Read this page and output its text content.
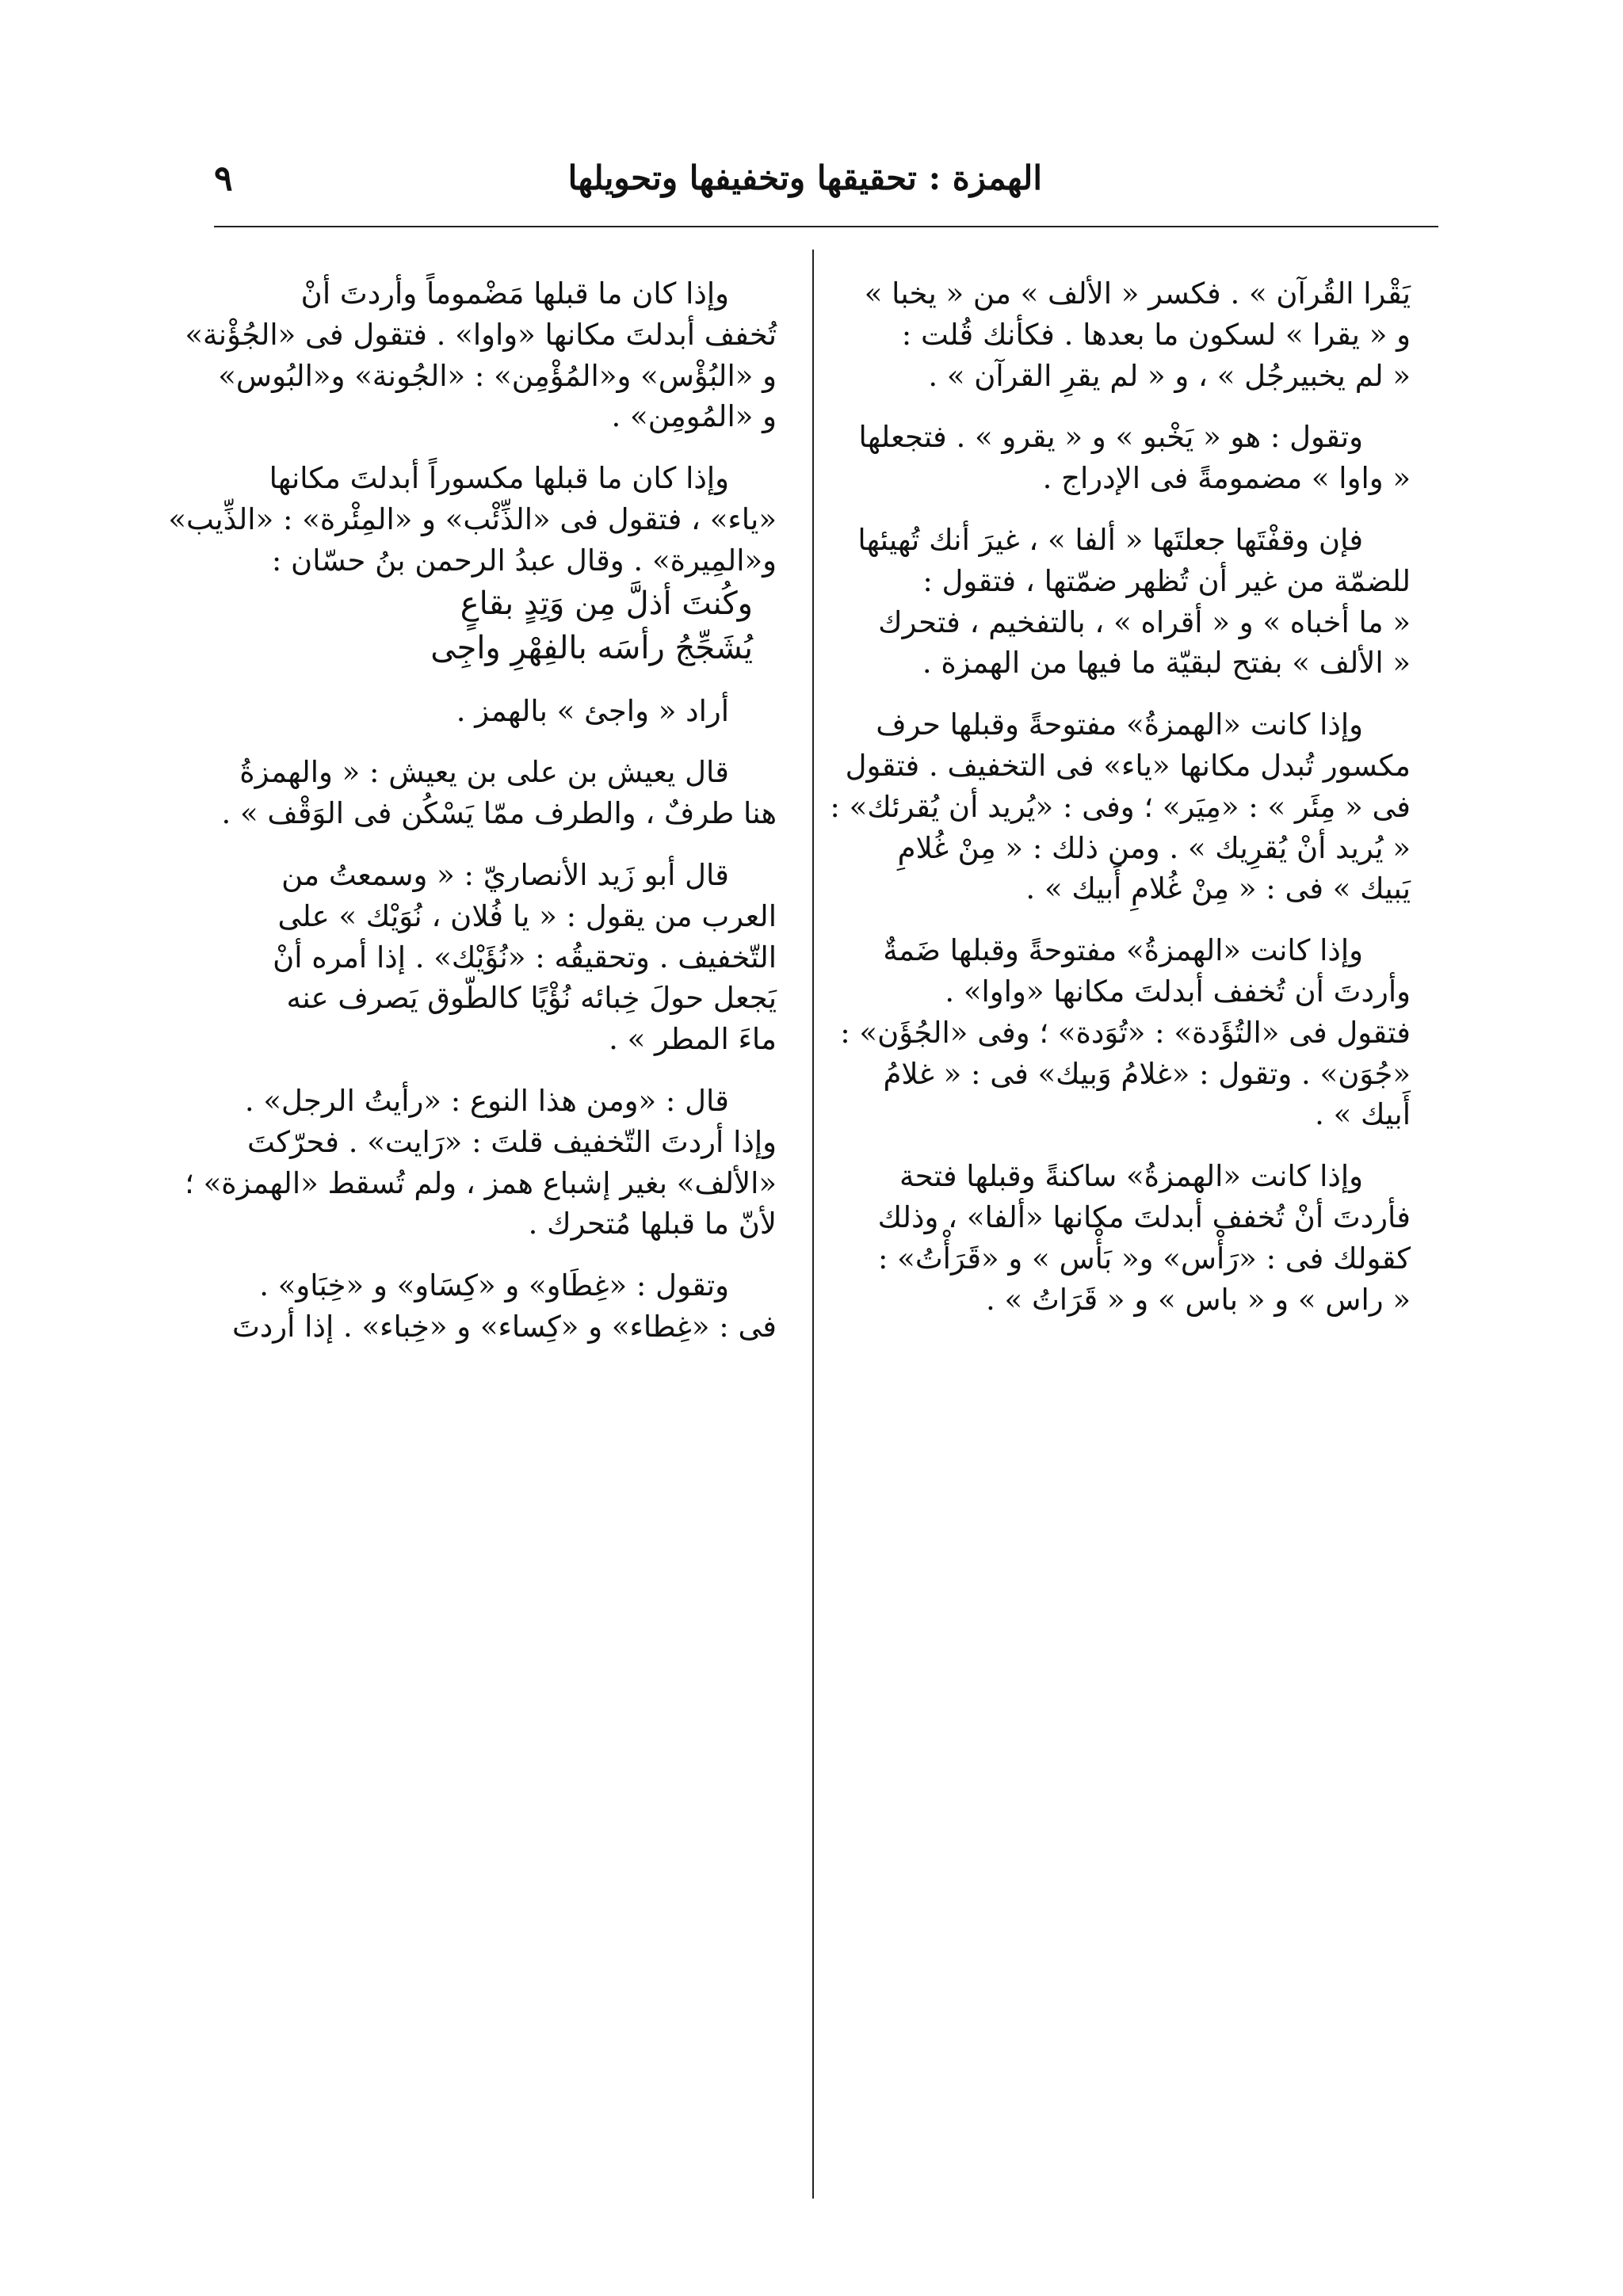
الهمزة : تحقيقها وتخفيفها وتحويلها
٩
يَقْرا القُرآن » . فكسر « الألف » من « يخبا »
و « يقرا » لسكون ما بعدها . فكأنك قُلت :
« لم يخبيرجُل » ، و « لم يقرِ القرآن » .
وتقول : هو « يَخْبو » و « يقرو » . فتجعلها
« واوا » مضمومةً فى الإدراج .
فإن وقفْتَها جعلتَها « ألفا » ، غيرَ أنك تُهيئها
للضمّة من غير أن تُظهر ضمّتها ، فتقول :
« ما أخباه » و « أقراه » ، بالتفخيم ، فتحرك
« الألف » بفتح لبقيّة ما فيها من الهمزة .
وإذا كانت «الهمزةُ» مفتوحةً وقبلها حرف
مكسور تُبدل مكانها «ياء» فى التخفيف . فتقول
فى « مِئَر » : «مِيَر» ؛ وفى : «يُريد أن يُقرئك» :
« يُريد أنْ يُقرِيك » . ومن ذلك : « مِنْ غُلامِ
يَبيك » فى : « مِنْ غُلامِ أَبيك » .
وإذا كانت «الهمزةُ» مفتوحةً وقبلها ضَمةٌ
وأردتَ أن تُخفف أبدلتَ مكانها «واوا» .
فتقول فى «التُؤَدة» : «تُوَدة» ؛ وفى «الجُؤَن» :
«جُوَن» . وتقول : «غلامُ وَبيك» فى : « غلامُ
أَبيك » .
وإذا كانت «الهمزةُ» ساكنةً وقبلها فتحة
فأردتَ أنْ تُخفف أبدلتَ مكانها «ألفا» ، وذلك
كقولك فى : «رَأْس» و« بَأْس » و «قَرَأْتُ» :
« راس » و « باس » و « قَرَاتُ » .
وإذا كان ما قبلها مَضْموماً وأردتَ أنْ
تُخفف أبدلتَ مكانها «واوا» . فتقول فى «الجُؤْنة»
و «البُؤْس» و«المُؤْمِن» : «الجُونة» و«البُوس»
و «المُومِن» .
وإذا كان ما قبلها مكسوراً أبدلتَ مكانها
«ياء» ، فتقول فى «الذِّئْب» و «المِئْرة» : «الذِّيب»
و«المِيرة» . وقال عبدُ الرحمن بنُ حسّان :
وكُنتَ أذلَّ مِن وَتِدٍ بقاعٍ
يُشَجِّجُ رأسَه بالفِهْرِ واجِى
أراد « واجئ » بالهمز .
قال يعيش بن على بن يعيش : « والهمزةُ
هنا طرفٌ ، والطرف ممّا يَسْكُن فى الوَقْف » .
قال أبو زَيد الأنصاريّ : « وسمعتُ من
العرب من يقول : « يا فُلان ، نُوَيْك » على
التّخفيف . وتحقيقُه : «نُؤَيْك» . إذا أمره أنْ
يَجعل حولَ خِبائه نُؤْيًا كالطّوق يَصرف عنه
ماءَ المطر » .
قال : «ومن هذا النوع : «رأيتُ الرجل» .
وإذا أردتَ التّخفيف قلتَ : «رَايت» . فحرّكتَ
«الألف» بغير إشباع همز ، ولم تُسقط «الهمزة» ؛
لأنّ ما قبلها مُتحرك .
وتقول : «غِطَاو» و «كِسَاو» و «خِبَاو» .
فى : «غِطاء» و «كِساء» و «خِباء» . إذا أردتَ
